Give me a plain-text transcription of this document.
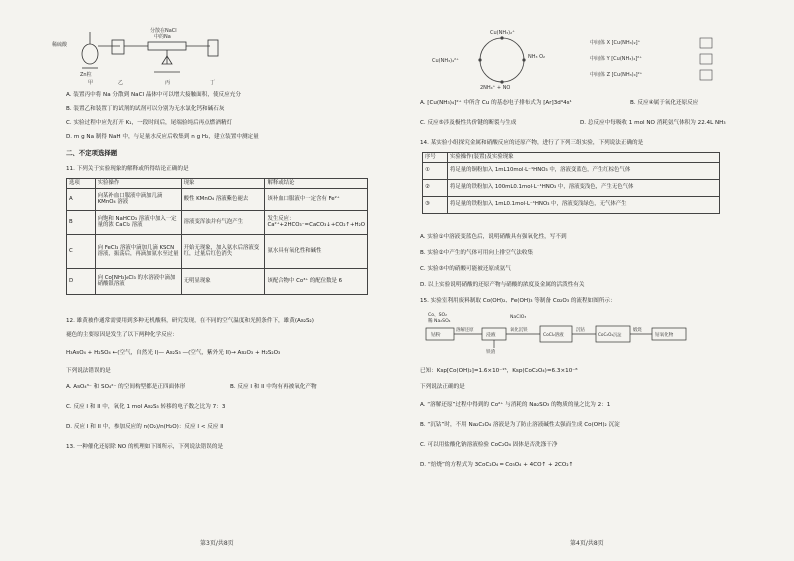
稀硫酸
Zn粒
分散在NaCl
中的Na
甲	乙	丙	丁
A. 装置丙中将 Na 分散到 NaCl 晶体中可以增大接触面积，使反应充分
B. 装置乙和装置丁的试剂的试剂可以分别为无水氯化钙和碱石灰
C. 实验过程中应先打开 K₁，一段时间后，尾端验纯后再点燃酒精灯
D. m g Na 制得 NaH 中，与足量水反应后收集到 n g H₂，建立装置中测定量
二、不定项选择题
11. 下列关于实验现象的解释或所得结论正确的是
选项	实验操作	现象	解释或结论
A	向某补血口服液中滴加几滴 KMnO₄ 溶液	酸性 KMnO₄ 溶液紫色褪去	该补血口服液中一定含有 Fe²⁺
B	向饱和 NaHCO₃ 溶液中加入一定量的浓 CaCl₂ 溶液	溶液变浑浊并有气泡产生	发生反应：Ca²⁺+2HCO₃⁻=CaCO₃↓+CO₂↑+H₂O
C	向 FeCl₃ 溶液中滴加几滴 KSCN 溶液，振荡后，再滴加氨水至过量	开始无现象，加入氨水后溶液变红，过量后红色消失	氨水具有氧化性和碱性
D	向 Co[NH₃]₆Cl₃ 的水溶液中滴加硝酸银溶液	无明显现象	该配合物中 Co³⁺ 的配位数是 6
12. 雄黄被作通常需要用到多种无机酸料，研究发现，在不同的空气温度和光照条件下，雄黄(As₂S₂)
褪色的主要原因是发生了以下两种化学反应：
H₃AsO₄ + H₂SO₄ ←(空气，自然光 I)— As₂S₃ —(空气，紫外光 II)→ As₂O₃ + H₂S₂O₃
下列说法错误的是
A. AsO₄³⁻ 和 SO₄²⁻ 的空间构型都是正四面体形	B. 反应 I 和 II 中均有再被氧化产物
C. 反应 I 和 II 中，氧化 1 mol As₂S₃ 转移的电子数之比为 7：3
D. 反应 I 和 II 中，参加反应的 n(O₂)/n(H₂O)：反应 I < 反应 II
13. 一种催化还原除 NO 的机理如下图所示，下列说法错误的是
第3页/共8页
Cu(NH₃)₂⁺
Cu(NH₃)₄²⁺
NH₃ O₂
2NH₄⁺ + NO
中间体 X [Cu(NH₃)₂]⁺
中间体 Y [Cu(NH₃)₄]²⁺
中间体 Z [Cu(NH₃)₄]²⁺
A. [Cu(NH₃)₄]²⁺ 中所含 Cu 的基态电子排布式为 [Ar]3d⁹4s¹	B. 反应④属于氧化还原反应
C. 反应⑤涉及极性共价键的断裂与生成	D. 总反应中每吸收 1 mol NO 消耗氨气体积为 22.4L NH₃
14. 某实验小组探究金属和硝酸反应的还原产物，进行了下列三组实验，下列说法正确的是
序号	实验操作(装置)及实验现象
①	将足量的铜粉加入 1mL10mol·L⁻¹HNO₃ 中，溶液变蓝色，产生红棕色气体
②	将足量的铁粉加入 100mL0.1mol·L⁻¹HNO₃ 中，溶液变浅色，产生无色气体
③	将足量的铁粉加入 1mL0.1mol·L⁻¹HNO₃ 中，溶液变浅绿色，无气体产生
A. 实验①中溶液变蓝色后，说明硝酸具有强氧化性，写不到
B. 实验②中产生的气体可用向上排空气法收集
C. 实验③中的硝酸可能被还原成氨气
D. 以上实验说明硝酸的还原产物与硝酸的浓度及金属的活泼性有关
15. 实验室利用废料制取 Co(OH)₂、Fe(OH)₃ 等制备 Co₂O₃ 的流程如图所示：
Co、SO₂
稀 Na₂SO₄
钴粉
溶解还原
浸液
NaClO₃
氧化沉铁
铁渣
CoCl₂溶液
沉钴
CoC₂O₄沉淀
煅烧
钴氧化物
已知：Ksp[Co(OH)₂]=1.6×10⁻¹⁵，Ksp(CoC₂O₄)=6.3×10⁻⁸
下列说法正确的是
A. “溶解还原”过程中得到的 Co²⁺ 与消耗的 Na₂SO₃ 的物质的量之比为 2：1
B. “沉钴”时，不用 Na₂C₂O₄ 溶液是为了防止溶液碱性太强而生成 Co(OH)₂ 沉淀
C. 可以用盐酸化钠溶液检验 CoC₂O₄ 固体是否洗涤干净
D. “焙烧”的方程式为 3CoC₂O₄ ═ Co₃O₄ + 4CO↑ + 2CO₂↑
第4页/共8页
